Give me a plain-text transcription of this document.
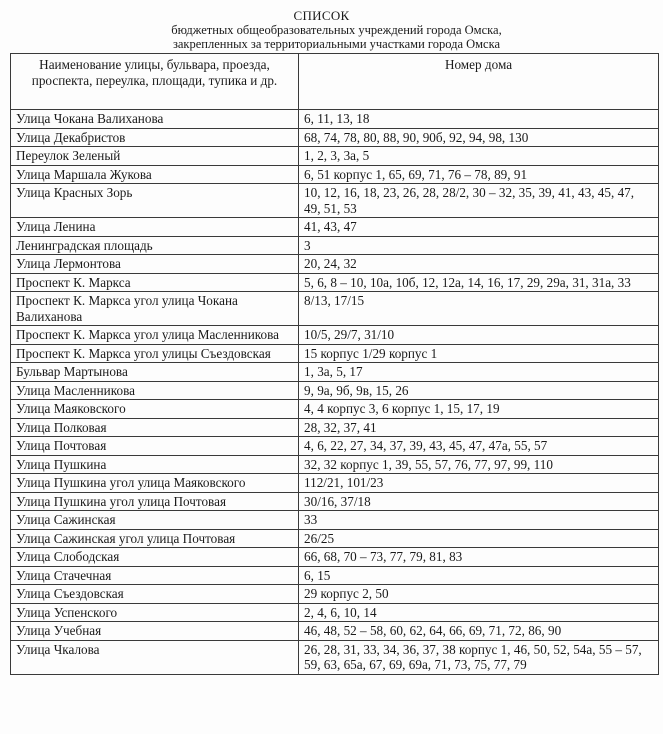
СПИСОК
бюджетных общеобразовательных учреждений города Омска,
закрепленных за территориальными участками города Омска
Наименование улицы, бульвара, проезда, проспекта, переулка, площади, тупика и др.	Номер дома
Улица Чокана Валиханова	6, 11, 13, 18
Улица Декабристов	68, 74, 78, 80, 88, 90, 90б, 92, 94, 98, 130
Переулок Зеленый	1, 2, 3, 3а, 5
Улица Маршала Жукова	6, 51 корпус 1, 65, 69, 71, 76 – 78, 89, 91
Улица Красных Зорь	10, 12, 16, 18, 23, 26, 28, 28/2, 30 – 32, 35, 39, 41, 43, 45, 47, 49, 51, 53
Улица Ленина	41, 43, 47
Ленинградская площадь	3
Улица Лермонтова	20, 24, 32
Проспект К. Маркса	5, 6, 8 – 10, 10а, 10б, 12, 12а, 14, 16, 17, 29, 29а, 31, 31а, 33
Проспект К. Маркса угол улица Чокана Валиханова	8/13, 17/15
Проспект К. Маркса угол улица Масленникова	10/5, 29/7, 31/10
Проспект К. Маркса угол улицы Съездовская	15 корпус 1/29 корпус 1
Бульвар Мартынова	1, 3а, 5, 17
Улица Масленникова	9, 9а, 9б, 9в, 15, 26
Улица Маяковского	4, 4 корпус 3, 6 корпус 1, 15, 17, 19
Улица Полковая	28, 32, 37, 41
Улица Почтовая	4, 6, 22, 27, 34, 37, 39, 43, 45, 47, 47а, 55, 57
Улица Пушкина	32, 32 корпус 1, 39, 55, 57, 76, 77, 97, 99, 110
Улица Пушкина угол улица Маяковского	112/21, 101/23
Улица Пушкина угол улица Почтовая	30/16, 37/18
Улица Сажинская	33
Улица Сажинская угол улица Почтовая	26/25
Улица Слободская	66, 68, 70 – 73, 77, 79, 81, 83
Улица Стачечная	6, 15
Улица Съездовская	29 корпус 2, 50
Улица Успенского	2, 4, 6, 10, 14
Улица Учебная	46, 48, 52 – 58, 60, 62, 64, 66, 69, 71, 72, 86, 90
Улица Чкалова	26, 28, 31, 33, 34, 36, 37, 38 корпус 1, 46, 50, 52, 54а, 55 – 57, 59, 63, 65а, 67, 69, 69а, 71, 73, 75, 77, 79
